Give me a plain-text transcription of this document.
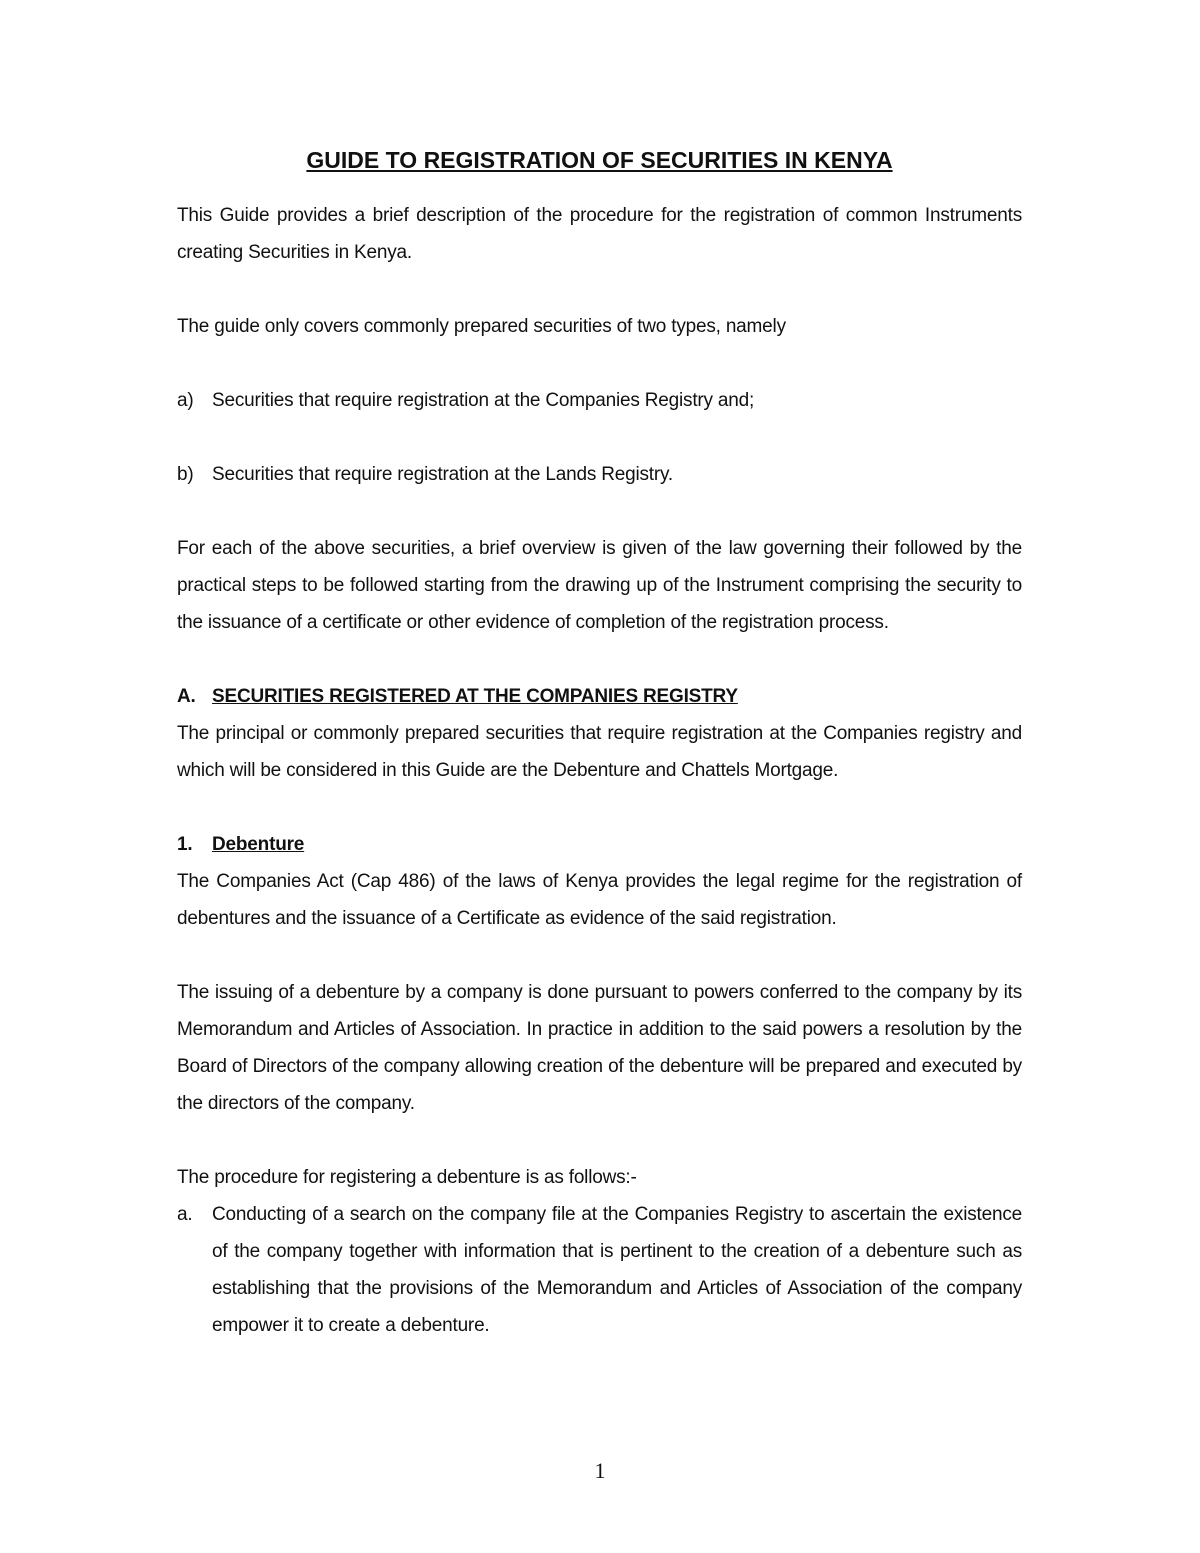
GUIDE TO REGISTRATION OF SECURITIES IN KENYA

This Guide provides a brief description of the procedure for the registration of common Instruments creating Securities in Kenya.

The guide only covers commonly prepared securities of two types, namely

a) Securities that require registration at the Companies Registry and;
b) Securities that require registration at the Lands Registry.

For each of the above securities, a brief overview is given of the law governing their followed by the practical steps to be followed starting from the drawing up of the Instrument comprising the security to the issuance of a certificate or other evidence of completion of the registration process.

A. SECURITIES REGISTERED AT THE COMPANIES REGISTRY

The principal or commonly prepared securities that require registration at the Companies registry and which will be considered in this Guide are the Debenture and Chattels Mortgage.

1.	Debenture

The Companies Act (Cap 486) of the laws of Kenya provides the legal regime for the registration of debentures and the issuance of a Certificate as evidence of the said registration.

The issuing of a debenture by a company is done pursuant to powers conferred to the company by its Memorandum and Articles of Association. In practice in addition to the said powers a resolution by the Board of Directors of the company allowing creation of the debenture will be prepared and executed by the directors of the company.

The procedure for registering a debenture is as follows:-

a.	Conducting of a search on the company file at the Companies Registry to ascertain the existence of the company together with information that is pertinent to the creation of a debenture such as establishing that the provisions of the Memorandum and Articles of Association of the company empower it to create a debenture.
1
